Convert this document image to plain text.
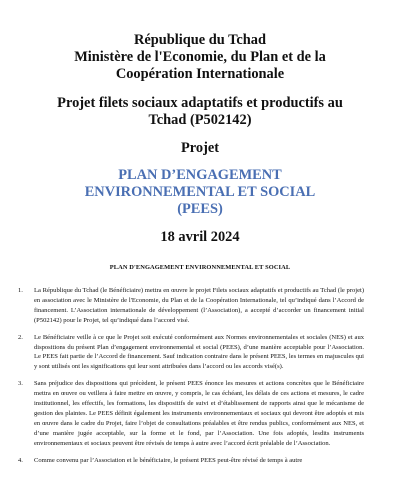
République du Tchad

Ministère de l'Economie, du Plan et de la

Coopération Internationale

Projet filets sociaux adaptatifs et productifs au

Tchad (P502142)

Projet

PLAN D’ENGAGEMENT

ENVIRONNEMENTAL ET SOCIAL

(PEES)

18 avril 2024

PLAN D'ENGAGEMENT ENVIRONNEMENTAL ET SOCIAL
1. La République du Tchad (le Bénéficiaire) mettra en œuvre le projet Filets sociaux adaptatifs et productifs au Tchad (le projet) en association avec le Ministère de l'Economie, du Plan et de la Coopération Internationale, tel qu’indiqué dans l’Accord de financement. L’Association internationale de développement (l’Association), a accepté d’accorder un financement initial (P502142) pour le Projet, tel qu’indiqué dans l’accord visé.
2. Le Bénéficiaire veille à ce que le Projet soit exécuté conformément aux Normes environnementales et sociales (NES) et aux dispositions du présent Plan d’engagement environnemental et social (PEES), d’une manière acceptable pour l’Association. Le PEES fait partie de l’Accord de financement. Sauf indication contraire dans le présent PEES, les termes en majuscules qui y sont utilisés ont les significations qui leur sont attribuées dans l’accord ou les accords visé(s).
3. Sans préjudice des dispositions qui précèdent, le présent PEES énonce les mesures et actions concrètes que le Bénéficiaire mettra en œuvre ou veillera à faire mettre en œuvre, y compris, le cas échéant, les délais de ces actions et mesures, le cadre institutionnel, les effectifs, les formations, les dispositifs de suivi et d’établissement de rapports ainsi que le mécanisme de gestion des plaintes. Le PEES définit également les instruments environnementaux et sociaux qui devront être adoptés et mis en œuvre dans le cadre du Projet, faire l’objet de consultations préalables et être rendus publics, conformément aux NES, et d’une manière jugée acceptable, sur la forme et le fond, par l’Association. Une fois adoptés, lesdits instruments environnementaux et sociaux peuvent être révisés de temps à autre avec l’accord écrit préalable de l’Association.
4. Comme convenu par l’Association et le bénéficiaire, le présent PEES peut-être révisé de temps à autre
